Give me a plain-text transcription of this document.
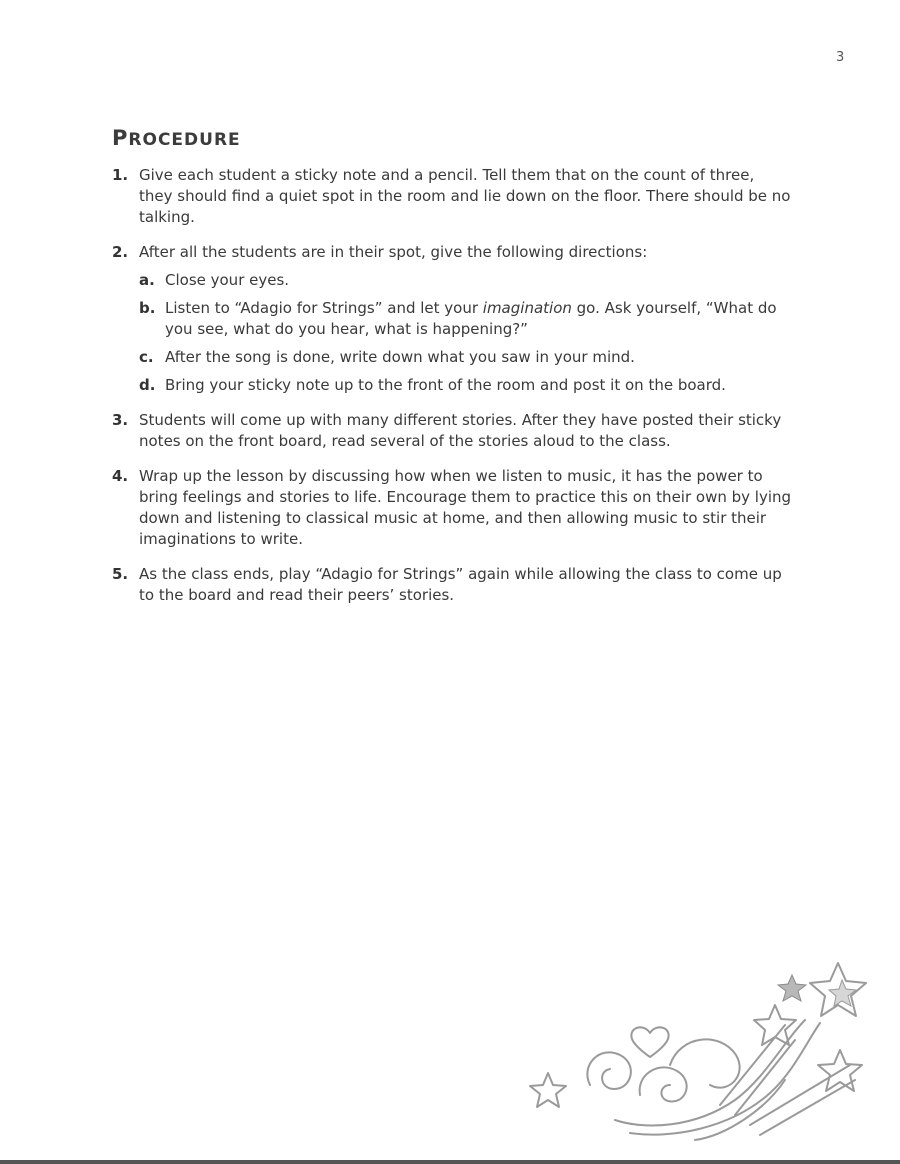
3
PROCEDURE
1. Give each student a sticky note and a pencil. Tell them that on the count of three, they should find a quiet spot in the room and lie down on the floor. There should be no talking.
2. After all the students are in their spot, give the following directions:
a. Close your eyes.
b. Listen to “Adagio for Strings” and let your imagination go. Ask yourself, “What do you see, what do you hear, what is happening?”
c. After the song is done, write down what you saw in your mind.
d. Bring your sticky note up to the front of the room and post it on the board.
3. Students will come up with many different stories. After they have posted their sticky notes on the front board, read several of the stories aloud to the class.
4. Wrap up the lesson by discussing how when we listen to music, it has the power to bring feelings and stories to life. Encourage them to practice this on their own by lying down and listening to classical music at home, and then allowing music to stir their imaginations to write.
5. As the class ends, play “Adagio for Strings” again while allowing the class to come up to the board and read their peers’ stories.
